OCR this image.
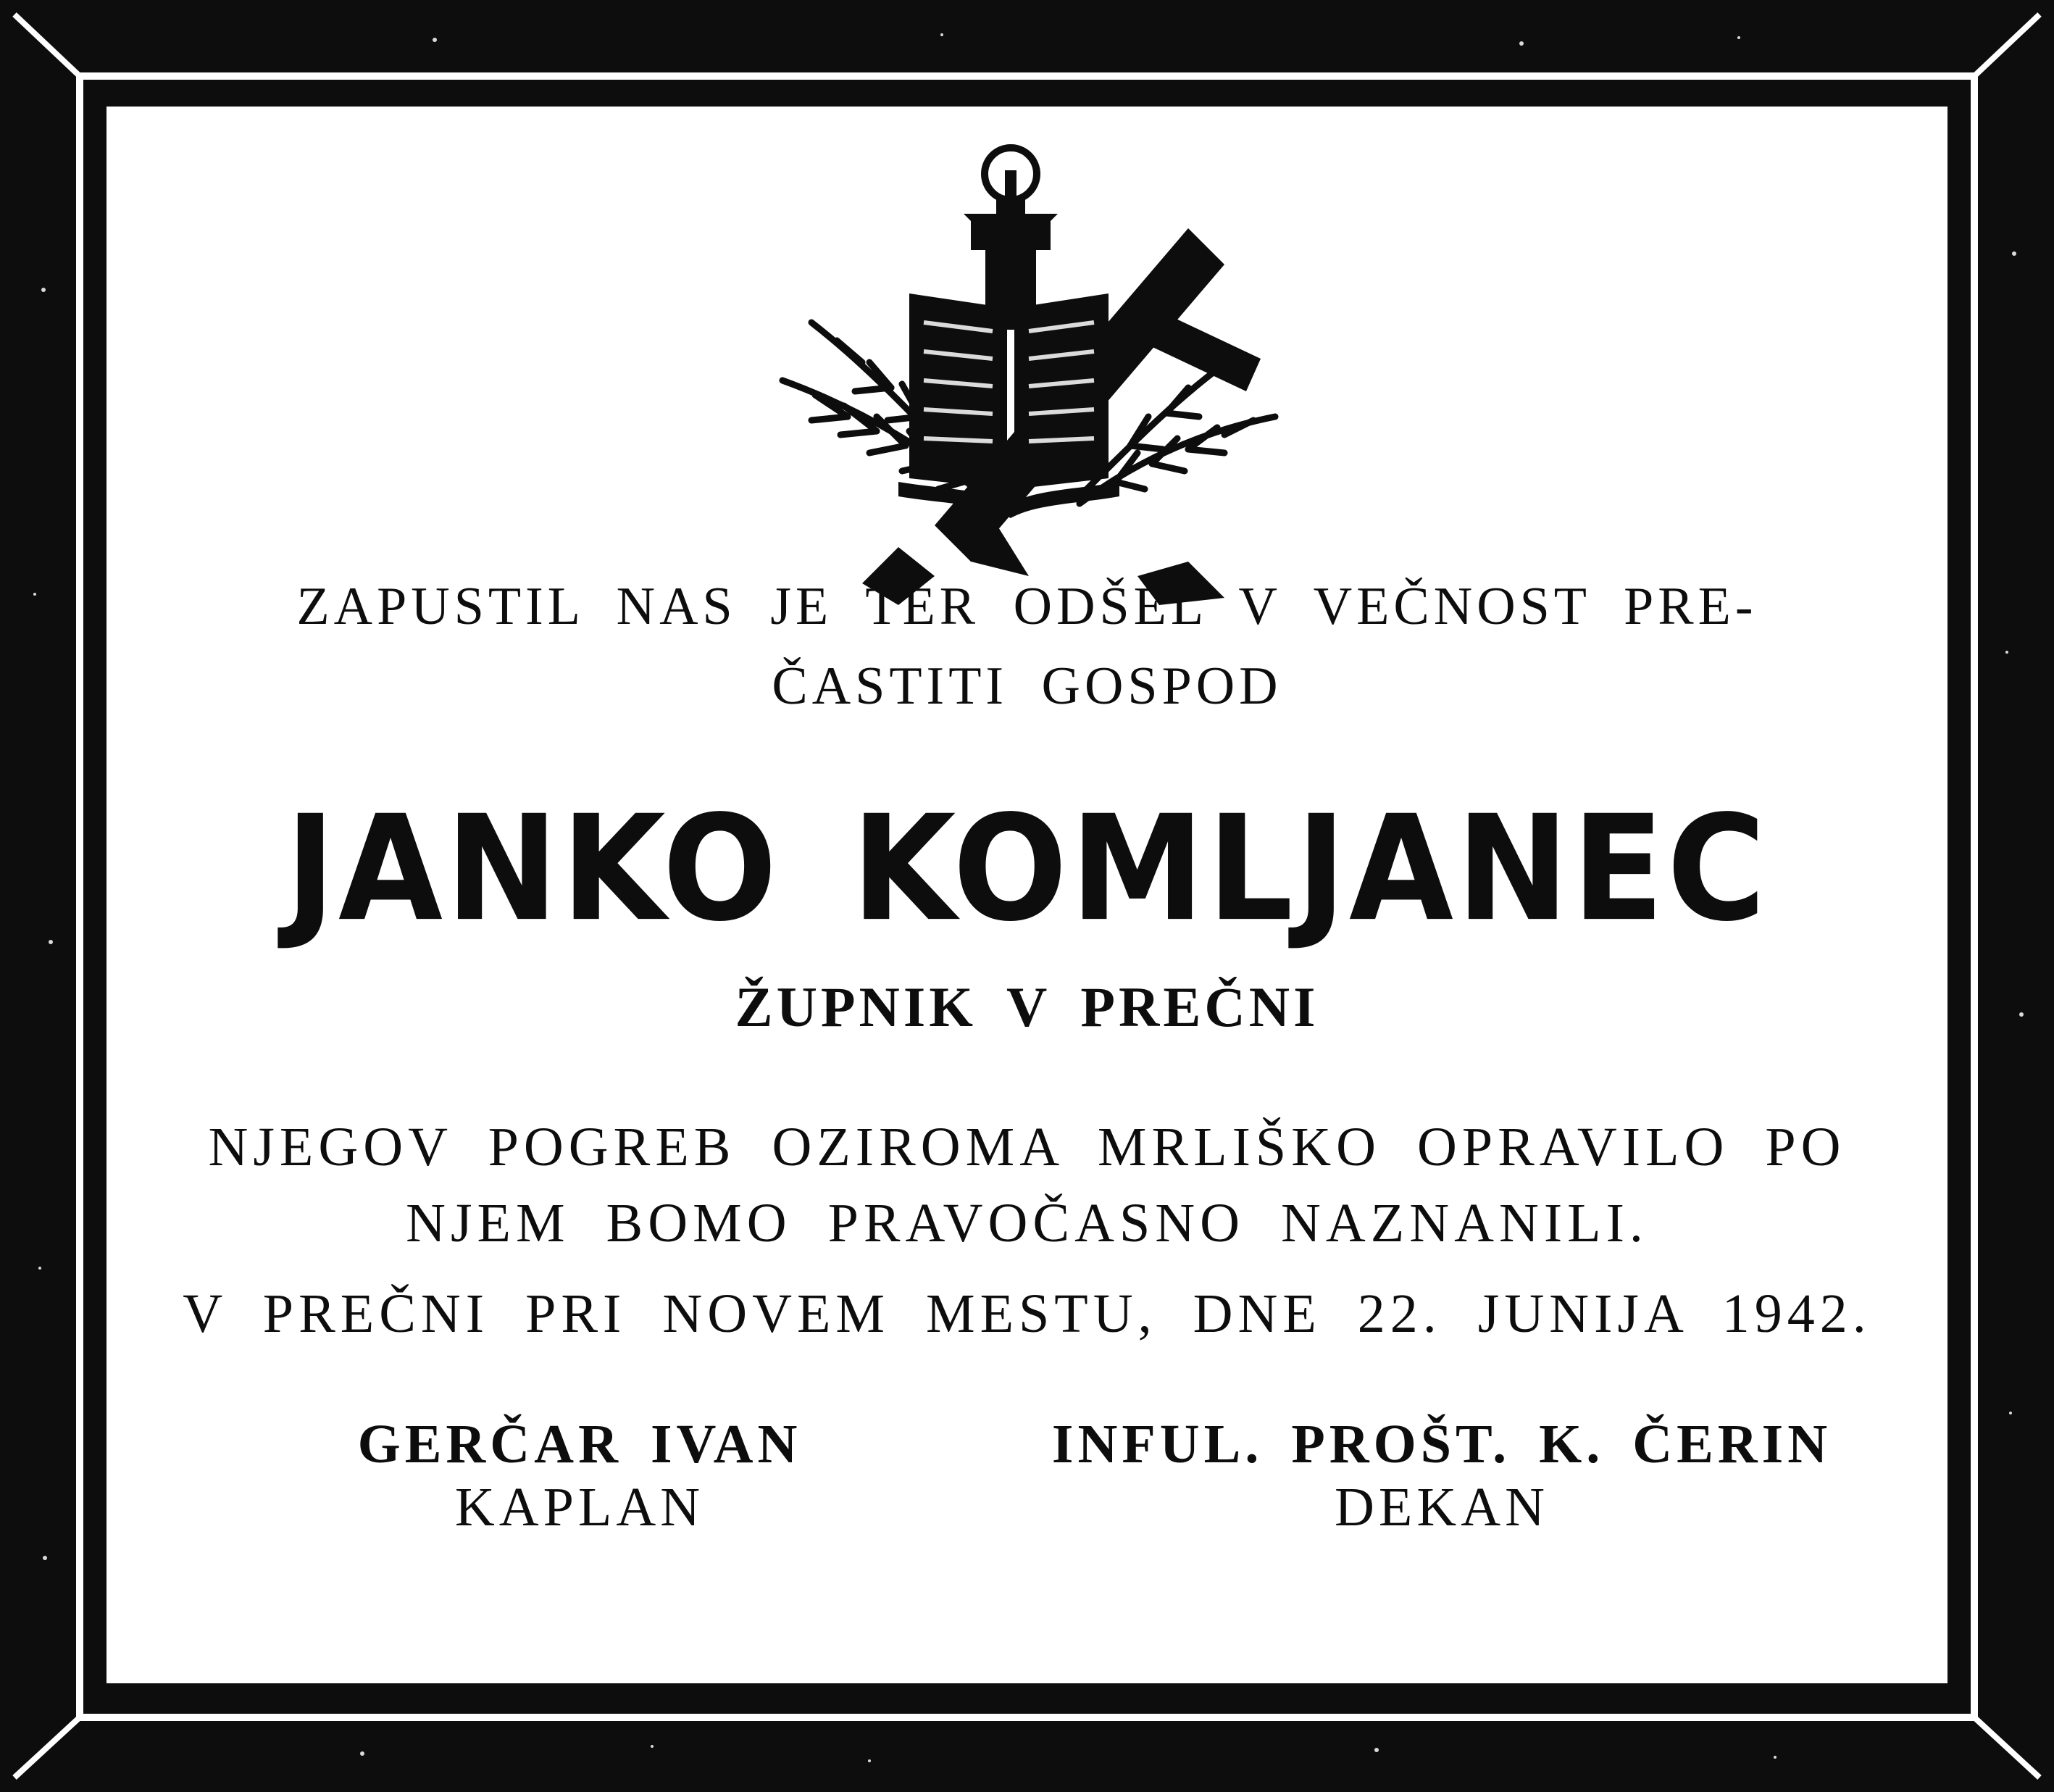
ZAPUSTIL NAS JE TER ODŠEL V VEČNOST PRE-
ČASTITI GOSPOD
JANKO KOMLJANEC
ŽUPNIK V PREČNI
NJEGOV POGREB OZIROMA MRLIŠKO OPRAVILO PO
NJEM BOMO PRAVOČASNO NAZNANILI.
V PREČNI PRI NOVEM MESTU, DNE 22. JUNIJA 1942.
GERČAR IVAN
KAPLAN
INFUL. PROŠT. K. ČERIN
DEKAN
